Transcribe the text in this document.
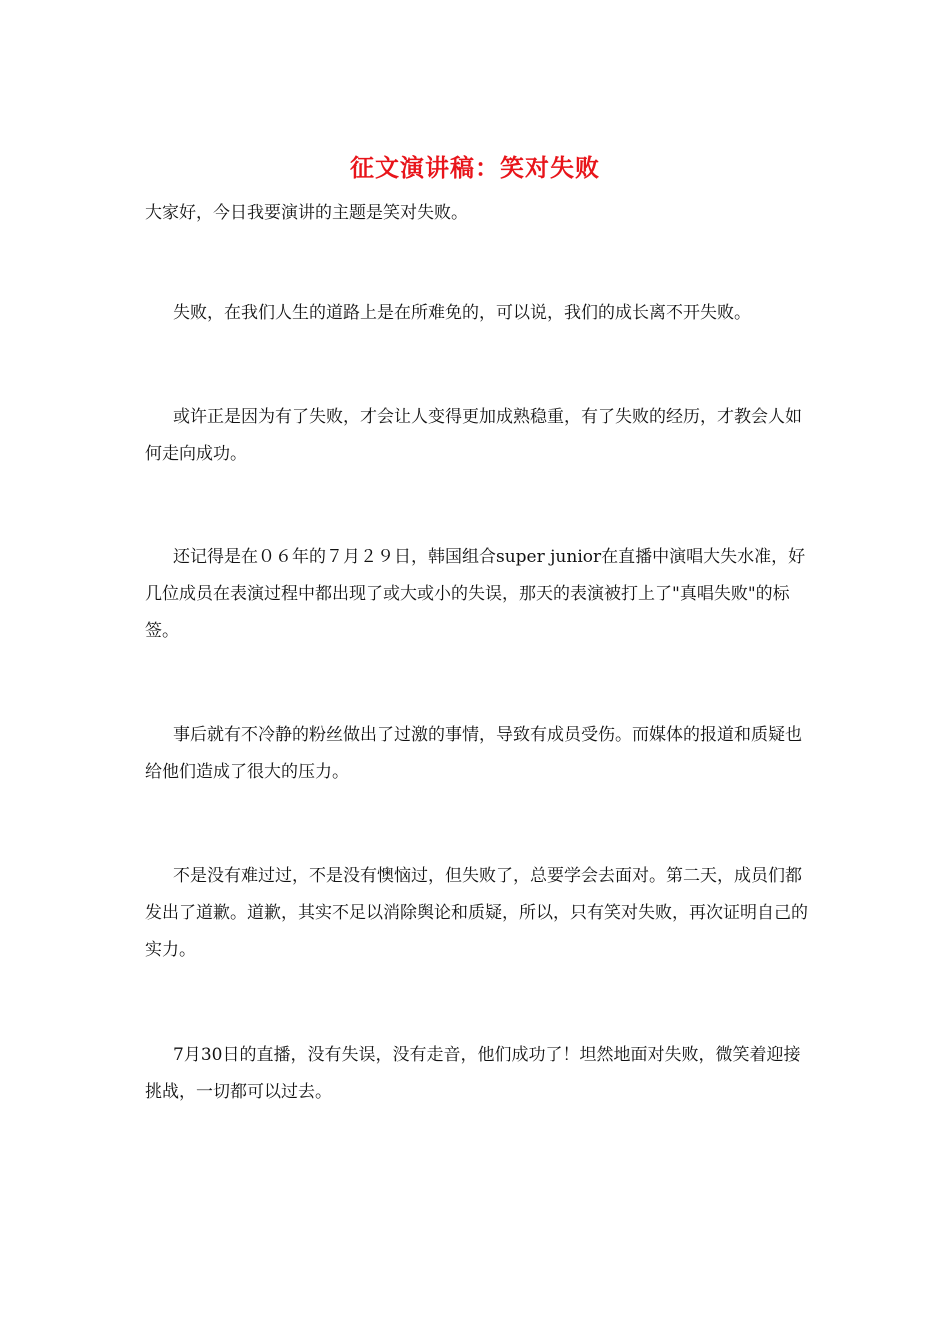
征文演讲稿：笑对失败
大家好，今日我要演讲的主题是笑对失败。
失败，在我们人生的道路上是在所难免的，可以说，我们的成长离不开失败。
或许正是因为有了失败，才会让人变得更加成熟稳重，有了失败的经历，才教会人如何走向成功。
还记得是在０６年的７月２９日，韩国组合super junior在直播中演唱大失水准，好几位成员在表演过程中都出现了或大或小的失误，那天的表演被打上了"真唱失败"的标签。
事后就有不冷静的粉丝做出了过激的事情，导致有成员受伤。而媒体的报道和质疑也给他们造成了很大的压力。
不是没有难过过，不是没有懊恼过，但失败了，总要学会去面对。第二天，成员们都发出了道歉。道歉，其实不足以消除舆论和质疑，所以，只有笑对失败，再次证明自己的实力。
7月30日的直播，没有失误，没有走音，他们成功了！坦然地面对失败，微笑着迎接挑战，一切都可以过去。
